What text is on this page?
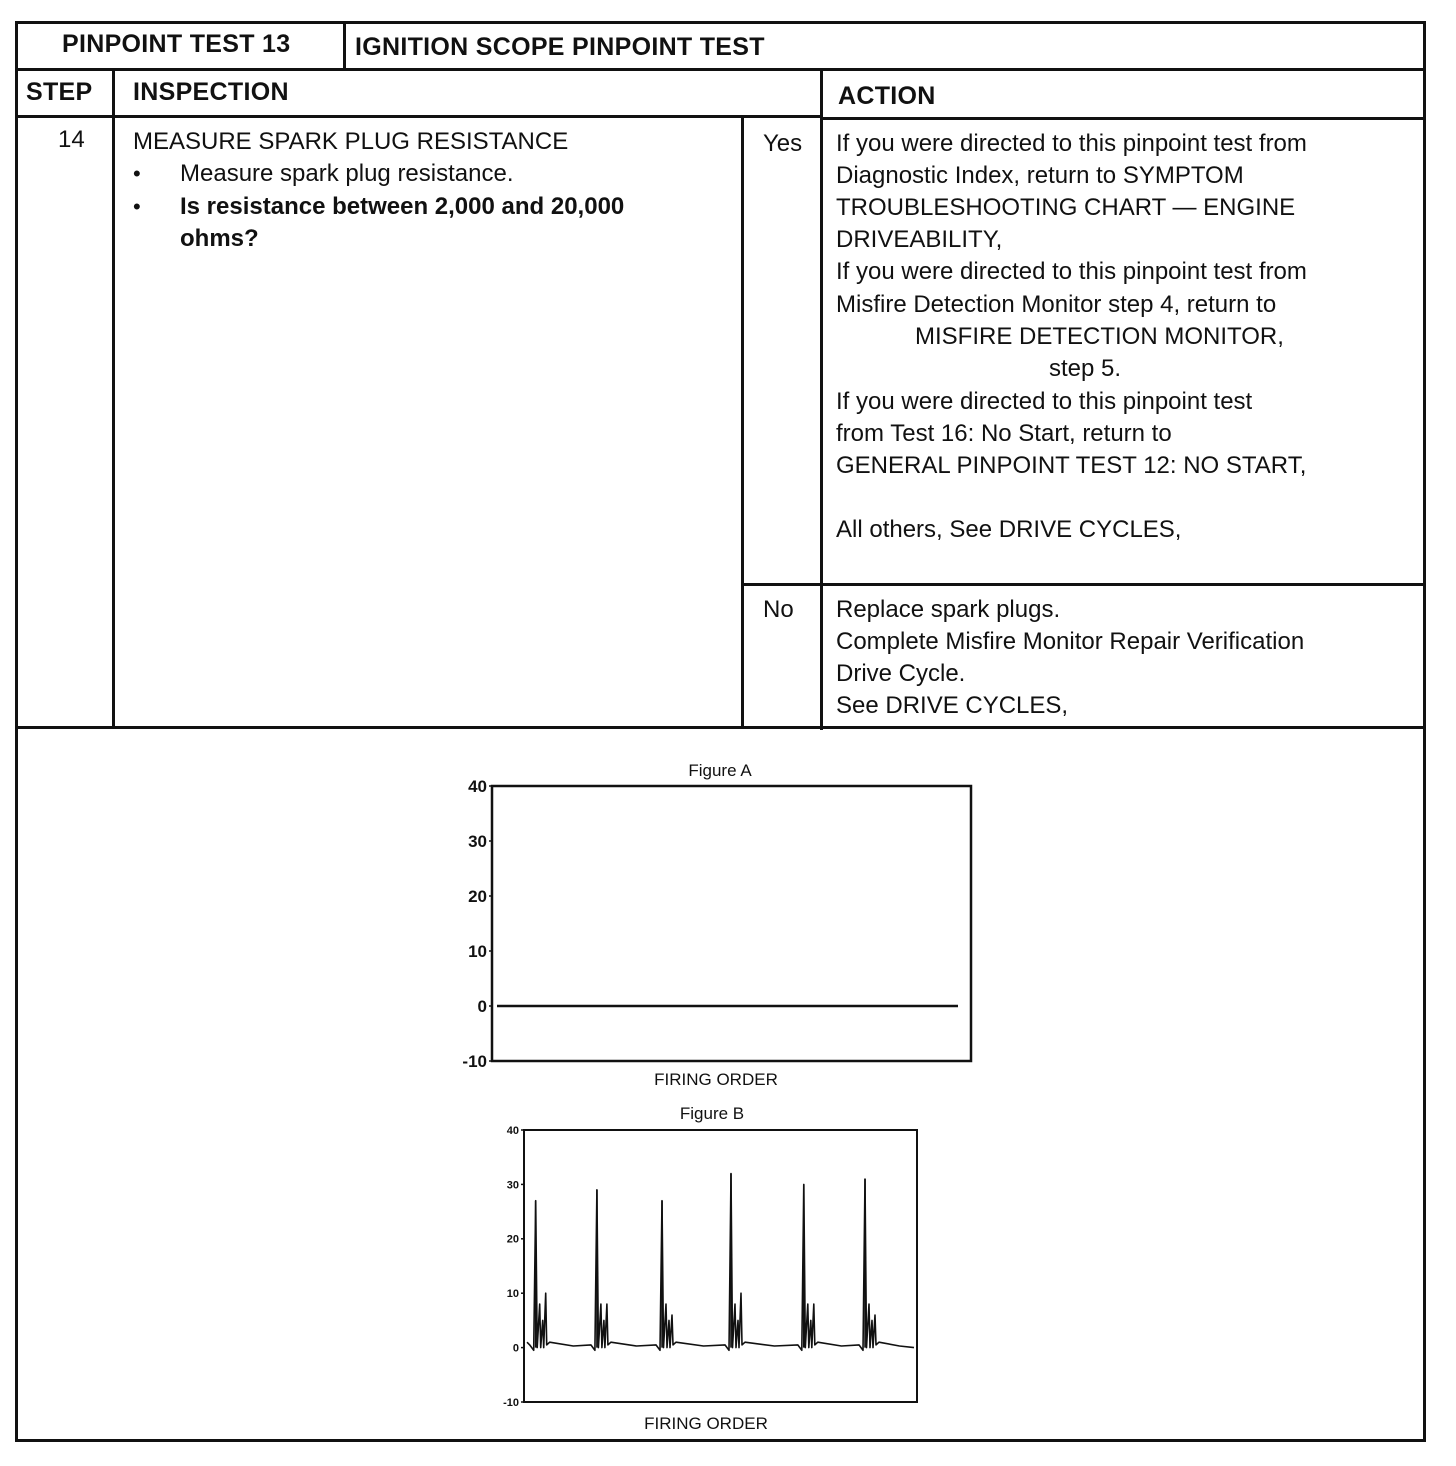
PINPOINT TEST 13	IGNITION SCOPE PINPOINT TEST
STEP INSPECTION	ACTION
14 MEASURE SPARK PLUG RESISTANCE
• Measure spark plug resistance.
• Is resistance between 2,000 and 20,000
ohms?
Yes If you were directed to this pinpoint test from
Diagnostic Index, return to SYMPTOM
TROUBLESHOOTING CHART — ENGINE
DRIVEABILITY,
If you were directed to this pinpoint test from
Misfire Detection Monitor step 4, return to
MISFIRE DETECTION MONITOR,
step 5.
If you were directed to this pinpoint test
from Test 16: No Start, return to
GENERAL PINPOINT TEST 12: NO START,
All others, See DRIVE CYCLES,
No Replace spark plugs.
Complete Misfire Monitor Repair Verification
Drive Cycle.
See DRIVE CYCLES,
Figure A
40
30
20
10
0
-10
FIRING ORDER
Figure B
40
30
20
10
0
-10
FIRING ORDER
